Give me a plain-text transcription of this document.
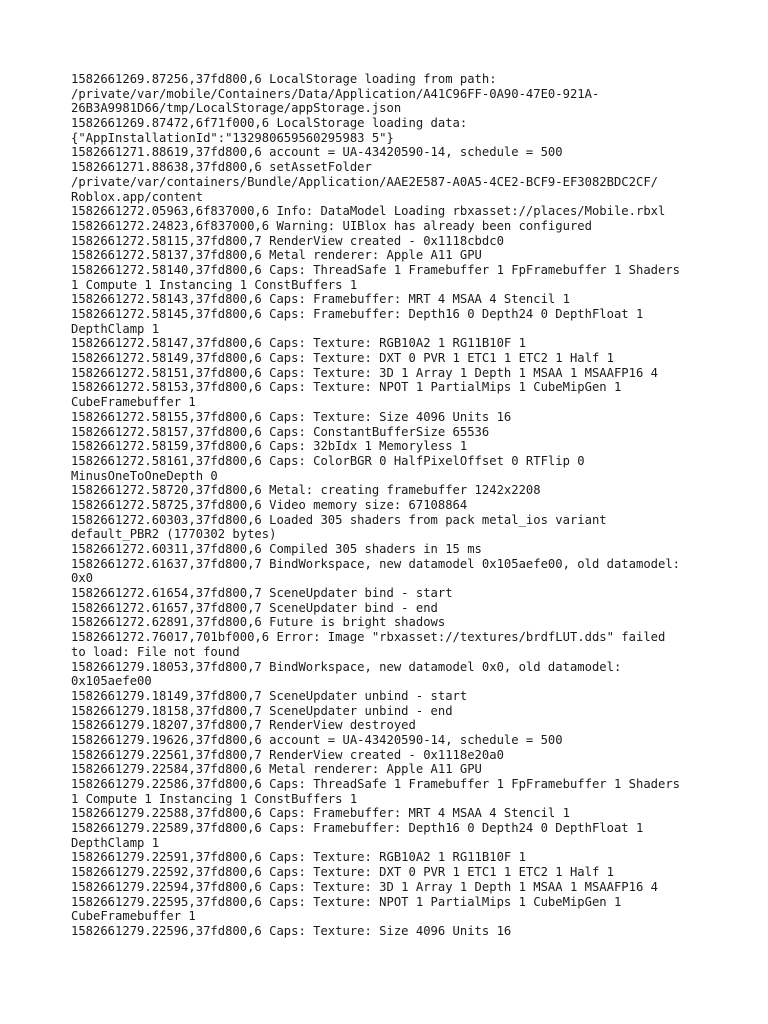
1582661269.87256,37fd800,6 LocalStorage loading from path:
/private/var/mobile/Containers/Data/Application/A41C96FF-0A90-47E0-921A-
26B3A9981D66/tmp/LocalStorage/appStorage.json
1582661269.87472,6f71f000,6 LocalStorage loading data:
{"AppInstallationId":"132980659560295983 5"}
1582661271.88619,37fd800,6 account = UA-43420590-14, schedule = 500
1582661271.88638,37fd800,6 setAssetFolder
/private/var/containers/Bundle/Application/AAE2E587-A0A5-4CE2-BCF9-EF3082BDC2CF/
Roblox.app/content
1582661272.05963,6f837000,6 Info: DataModel Loading rbxasset://places/Mobile.rbxl
1582661272.24823,6f837000,6 Warning: UIBlox has already been configured
1582661272.58115,37fd800,7 RenderView created - 0x1118cbdc0
1582661272.58137,37fd800,6 Metal renderer: Apple A11 GPU
1582661272.58140,37fd800,6 Caps: ThreadSafe 1 Framebuffer 1 FpFramebuffer 1 Shaders
1 Compute 1 Instancing 1 ConstBuffers 1
1582661272.58143,37fd800,6 Caps: Framebuffer: MRT 4 MSAA 4 Stencil 1
1582661272.58145,37fd800,6 Caps: Framebuffer: Depth16 0 Depth24 0 DepthFloat 1
DepthClamp 1
1582661272.58147,37fd800,6 Caps: Texture: RGB10A2 1 RG11B10F 1
1582661272.58149,37fd800,6 Caps: Texture: DXT 0 PVR 1 ETC1 1 ETC2 1 Half 1
1582661272.58151,37fd800,6 Caps: Texture: 3D 1 Array 1 Depth 1 MSAA 1 MSAAFP16 4
1582661272.58153,37fd800,6 Caps: Texture: NPOT 1 PartialMips 1 CubeMipGen 1
CubeFramebuffer 1
1582661272.58155,37fd800,6 Caps: Texture: Size 4096 Units 16
1582661272.58157,37fd800,6 Caps: ConstantBufferSize 65536
1582661272.58159,37fd800,6 Caps: 32bIdx 1 Memoryless 1
1582661272.58161,37fd800,6 Caps: ColorBGR 0 HalfPixelOffset 0 RTFlip 0
MinusOneToOneDepth 0
1582661272.58720,37fd800,6 Metal: creating framebuffer 1242x2208
1582661272.58725,37fd800,6 Video memory size: 67108864
1582661272.60303,37fd800,6 Loaded 305 shaders from pack metal_ios variant
default_PBR2 (1770302 bytes)
1582661272.60311,37fd800,6 Compiled 305 shaders in 15 ms
1582661272.61637,37fd800,7 BindWorkspace, new datamodel 0x105aefe00, old datamodel:
0x0
1582661272.61654,37fd800,7 SceneUpdater bind - start
1582661272.61657,37fd800,7 SceneUpdater bind - end
1582661272.62891,37fd800,6 Future is bright shadows
1582661272.76017,701bf000,6 Error: Image "rbxasset://textures/brdfLUT.dds" failed
to load: File not found
1582661279.18053,37fd800,7 BindWorkspace, new datamodel 0x0, old datamodel:
0x105aefe00
1582661279.18149,37fd800,7 SceneUpdater unbind - start
1582661279.18158,37fd800,7 SceneUpdater unbind - end
1582661279.18207,37fd800,7 RenderView destroyed
1582661279.19626,37fd800,6 account = UA-43420590-14, schedule = 500
1582661279.22561,37fd800,7 RenderView created - 0x1118e20a0
1582661279.22584,37fd800,6 Metal renderer: Apple A11 GPU
1582661279.22586,37fd800,6 Caps: ThreadSafe 1 Framebuffer 1 FpFramebuffer 1 Shaders
1 Compute 1 Instancing 1 ConstBuffers 1
1582661279.22588,37fd800,6 Caps: Framebuffer: MRT 4 MSAA 4 Stencil 1
1582661279.22589,37fd800,6 Caps: Framebuffer: Depth16 0 Depth24 0 DepthFloat 1
DepthClamp 1
1582661279.22591,37fd800,6 Caps: Texture: RGB10A2 1 RG11B10F 1
1582661279.22592,37fd800,6 Caps: Texture: DXT 0 PVR 1 ETC1 1 ETC2 1 Half 1
1582661279.22594,37fd800,6 Caps: Texture: 3D 1 Array 1 Depth 1 MSAA 1 MSAAFP16 4
1582661279.22595,37fd800,6 Caps: Texture: NPOT 1 PartialMips 1 CubeMipGen 1
CubeFramebuffer 1
1582661279.22596,37fd800,6 Caps: Texture: Size 4096 Units 16
